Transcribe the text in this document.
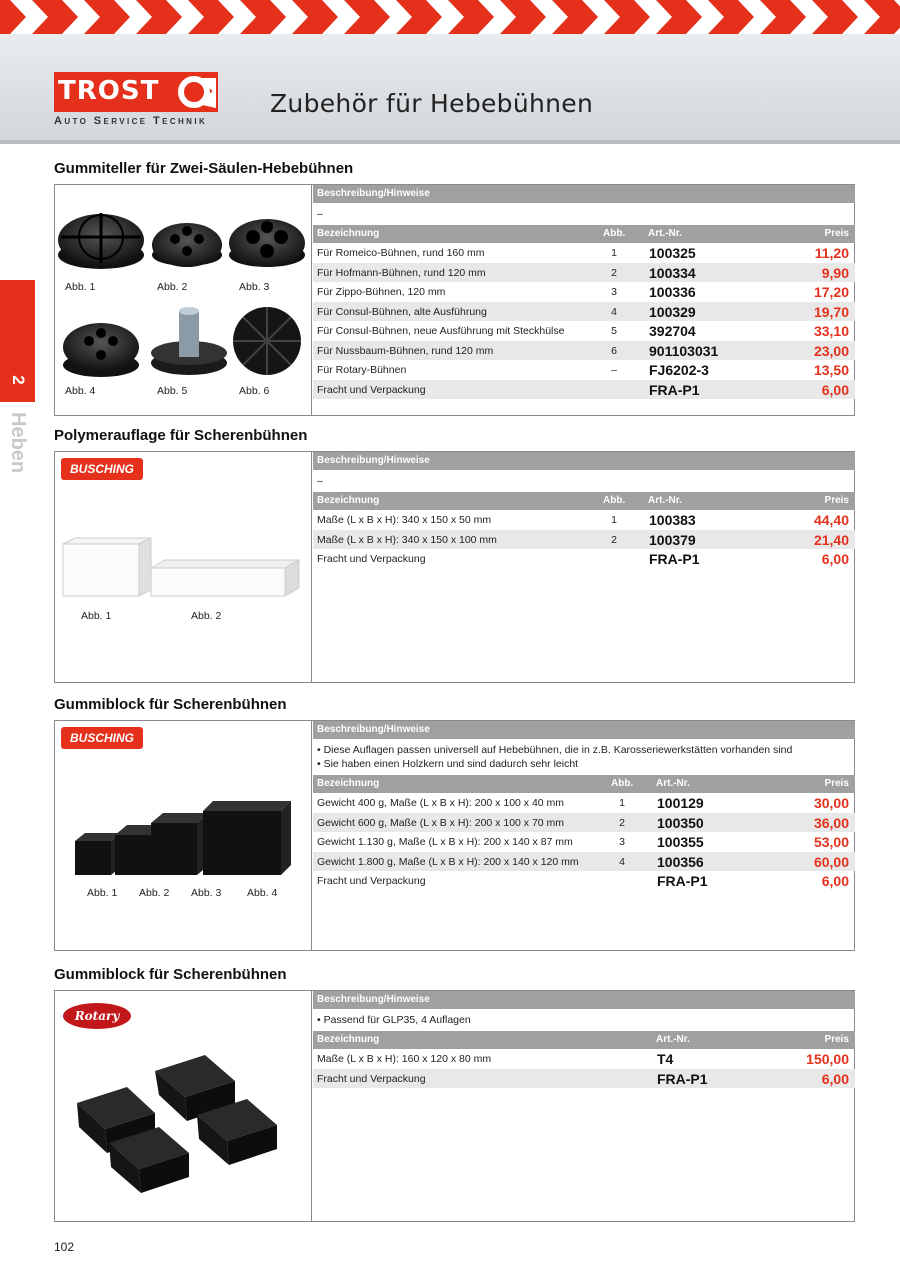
TROST
Auto Service Technik
Zubehör für Hebebühnen
2
Heben
Gummiteller für Zwei-Säulen-Hebebühnen
Abb. 1	Abb. 2	Abb. 3
Abb. 4	Abb. 5	Abb. 6
Beschreibung/Hinweise
–
Bezeichnung	Abb. Art.-Nr.	Preis
Für Romeico-Bühnen, rund 160 mm	1	100325	11,20
Für Hofmann-Bühnen, rund 120 mm	2	100334	9,90
Für Zippo-Bühnen, 120 mm	3	100336	17,20
Für Consul-Bühnen, alte Ausführung	4	100329	19,70
Für Consul-Bühnen, neue Ausführung mit Steckhülse	5	392704	33,10
Für Nussbaum-Bühnen, rund 120 mm	6	901103031	23,00
Für Rotary-Bühnen	–	FJ6202-3	13,50
Fracht und Verpackung	FRA-P1	6,00
Polymerauflage für Scherenbühnen
BUSCHING
Abb. 1	Abb. 2
Beschreibung/Hinweise
–
Bezeichnung	Abb. Art.-Nr.	Preis
Maße (L x B x H): 340 x 150 x 50 mm	1	100383	44,40
Maße (L x B x H): 340 x 150 x 100 mm	2	100379	21,40
Fracht und Verpackung	FRA-P1	6,00
Gummiblock für Scherenbühnen
BUSCHING
Abb. 1 Abb. 2 Abb. 3 Abb. 4
Beschreibung/Hinweise
• Diese Auflagen passen universell auf Hebebühnen, die in z.B. Karosseriewerkstätten vorhanden sind
• Sie haben einen Holzkern und sind dadurch sehr leicht
Bezeichnung	Abb. Art.-Nr.	Preis
Gewicht 400 g, Maße (L x B x H): 200 x 100 x 40 mm	1	100129	30,00
Gewicht 600 g, Maße (L x B x H): 200 x 100 x 70 mm	2	100350	36,00
Gewicht 1.130 g, Maße (L x B x H): 200 x 140 x 87 mm	3	100355	53,00
Gewicht 1.800 g, Maße (L x B x H): 200 x 140 x 120 mm	4	100356	60,00
Fracht und Verpackung	FRA-P1	6,00
Gummiblock für Scherenbühnen
Rotary
Beschreibung/Hinweise
• Passend für GLP35, 4 Auflagen
Bezeichnung	Art.-Nr.	Preis
Maße (L x B x H): 160 x 120 x 80 mm	T4	150,00
Fracht und Verpackung	FRA-P1	6,00
102
